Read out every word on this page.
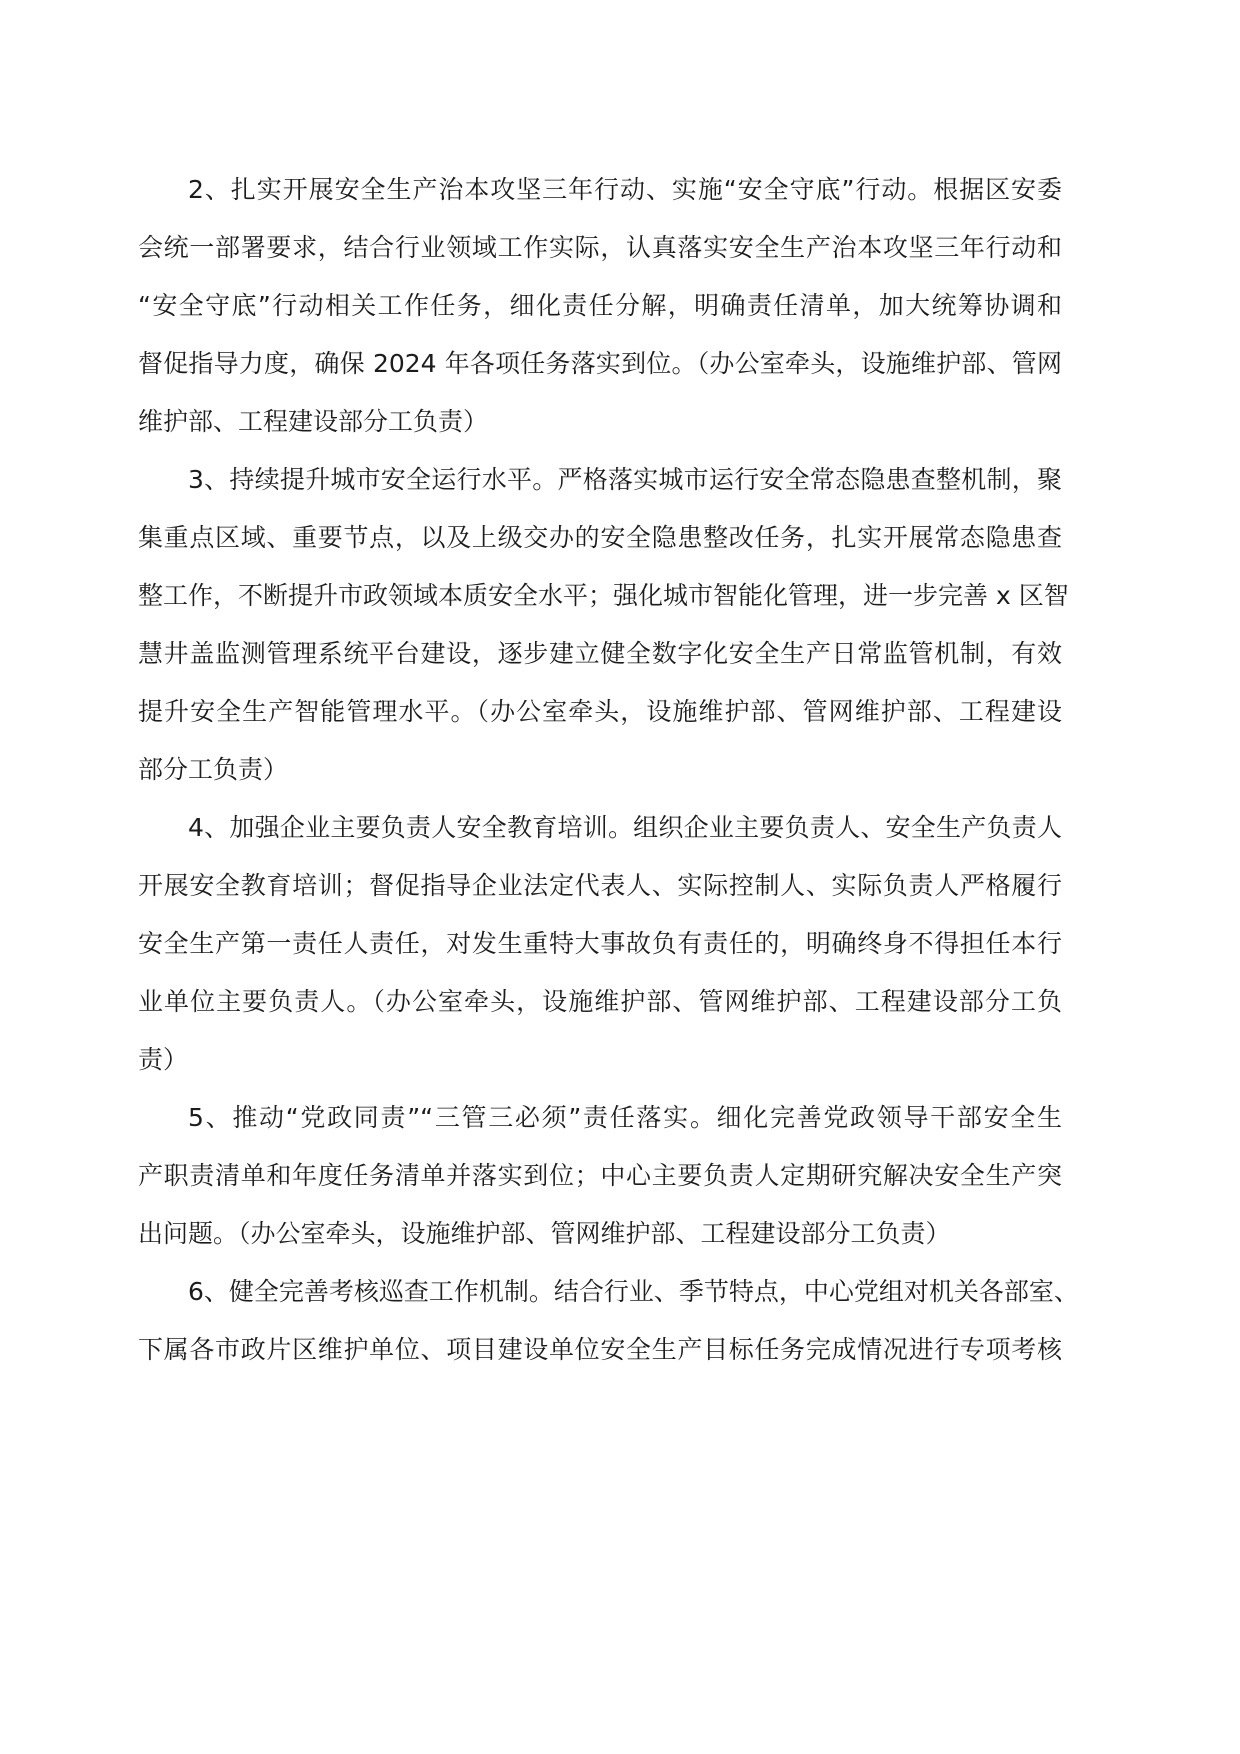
2、扎实开展安全生产治本攻坚三年行动、实施“安全守底”行动。根据区安委
会统一部署要求，结合行业领域工作实际，认真落实安全生产治本攻坚三年行动和
“安全守底”行动相关工作任务，细化责任分解，明确责任清单，加大统筹协调和
督促指导力度，确保 2024 年各项任务落实到位。（办公室牵头，设施维护部、管网
维护部、工程建设部分工负责）
3、持续提升城市安全运行水平。严格落实城市运行安全常态隐患查整机制，聚
集重点区域、重要节点，以及上级交办的安全隐患整改任务，扎实开展常态隐患查
整工作，不断提升市政领域本质安全水平；强化城市智能化管理，进一步完善 x 区智
慧井盖监测管理系统平台建设，逐步建立健全数字化安全生产日常监管机制，有效
提升安全生产智能管理水平。（办公室牵头，设施维护部、管网维护部、工程建设
部分工负责）
4、加强企业主要负责人安全教育培训。组织企业主要负责人、安全生产负责人
开展安全教育培训；督促指导企业法定代表人、实际控制人、实际负责人严格履行
安全生产第一责任人责任，对发生重特大事故负有责任的，明确终身不得担任本行
业单位主要负责人。（办公室牵头，设施维护部、管网维护部、工程建设部分工负
责）
5、推动“党政同责”“三管三必须”责任落实。细化完善党政领导干部安全生
产职责清单和年度任务清单并落实到位；中心主要负责人定期研究解决安全生产突
出问题。（办公室牵头，设施维护部、管网维护部、工程建设部分工负责）
6、健全完善考核巡查工作机制。结合行业、季节特点，中心党组对机关各部室、
下属各市政片区维护单位、项目建设单位安全生产目标任务完成情况进行专项考核
